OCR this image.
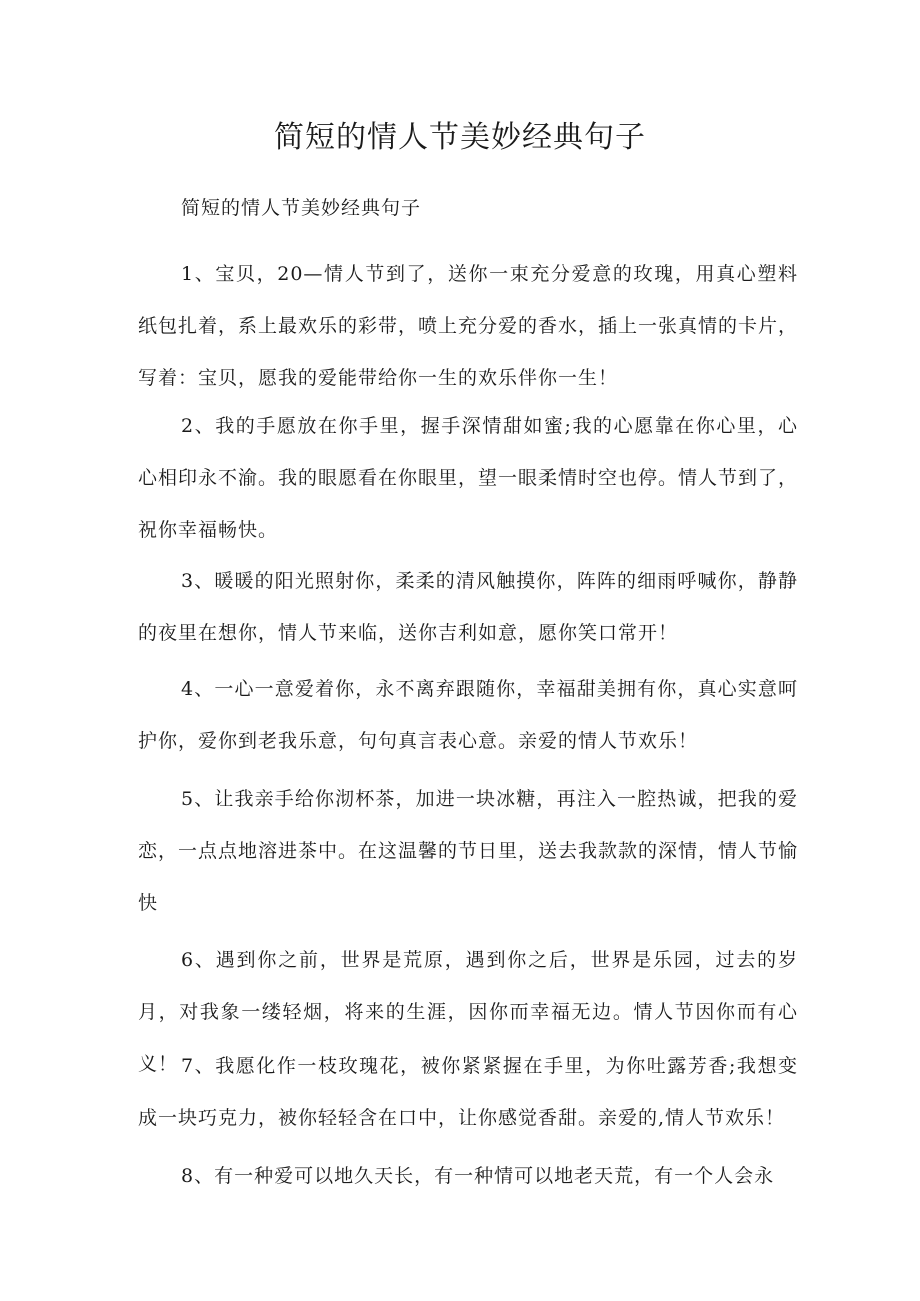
简短的情人节美妙经典句子
简短的情人节美妙经典句子

1、宝贝，20—情人节到了，送你一束充分爱意的玫瑰，用真心塑料纸包扎着，系上最欢乐的彩带，喷上充分爱的香水，插上一张真情的卡片，写着：宝贝，愿我的爱能带给你一生的欢乐伴你一生！

2、我的手愿放在你手里，握手深情甜如蜜;我的心愿靠在你心里，心心相印永不渝。我的眼愿看在你眼里，望一眼柔情时空也停。情人节到了，祝你幸福畅快。

3、暖暖的阳光照射你，柔柔的清风触摸你，阵阵的细雨呼喊你，静静的夜里在想你，情人节来临，送你吉利如意，愿你笑口常开！

4、一心一意爱着你，永不离弃跟随你，幸福甜美拥有你，真心实意呵护你，爱你到老我乐意，句句真言表心意。亲爱的情人节欢乐！

5、让我亲手给你沏杯茶，加进一块冰糖，再注入一腔热诚，把我的爱恋，一点点地溶进茶中。在这温馨的节日里，送去我款款的深情，情人节愉快

6、遇到你之前，世界是荒原，遇到你之后，世界是乐园，过去的岁月，对我象一缕轻烟，将来的生涯，因你而幸福无边。情人节因你而有心义！ 7、我愿化作一枝玫瑰花，被你紧紧握在手里，为你吐露芳香;我想变成一块巧克力，被你轻轻含在口中，让你感觉香甜。亲爱的,情人节欢乐！

8、有一种爱可以地久天长，有一种情可以地老天荒，有一个人会永
